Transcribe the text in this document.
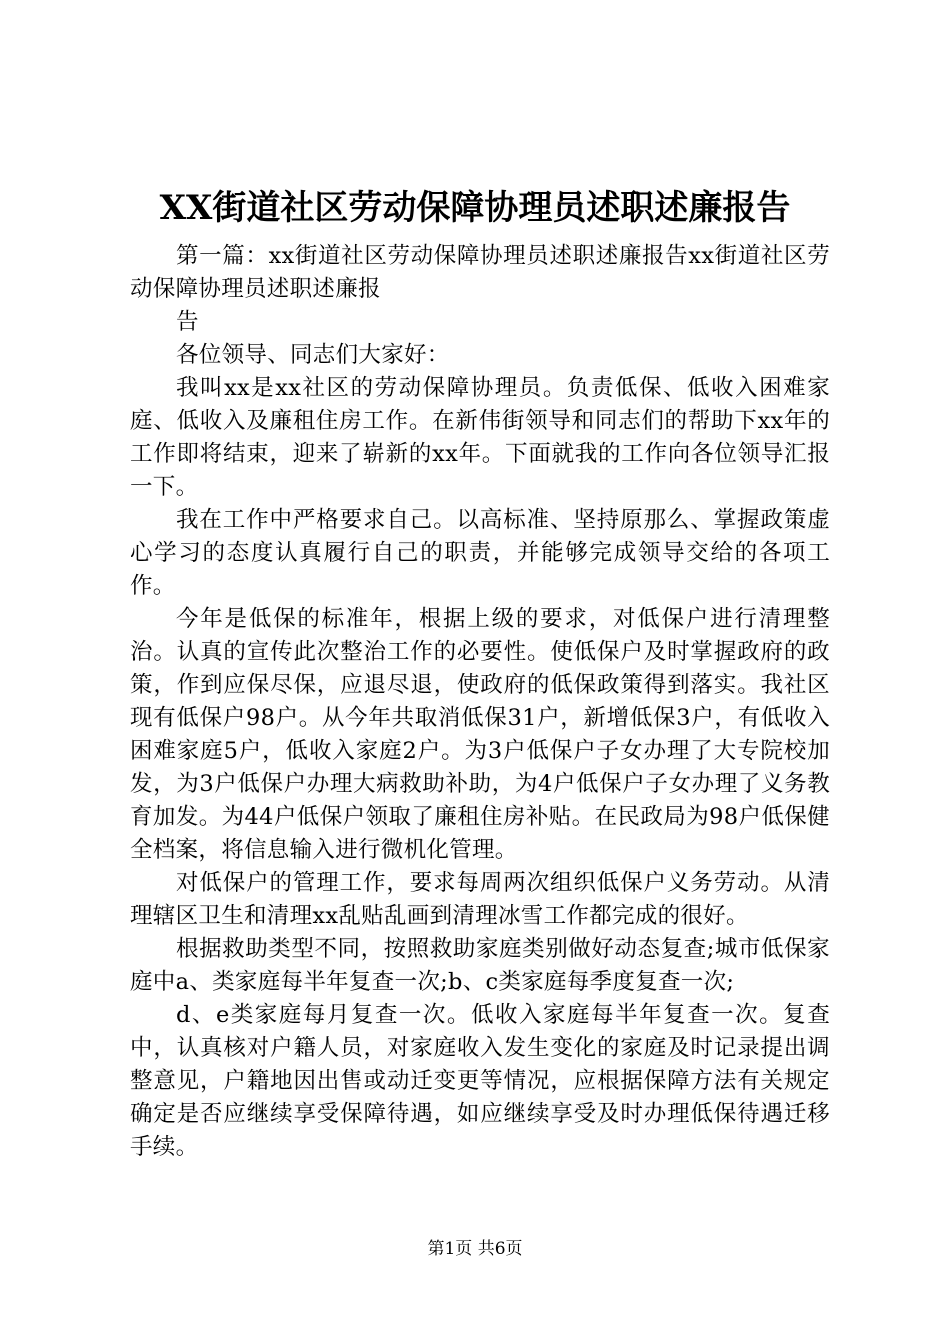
XX街道社区劳动保障协理员述职述廉报告

第一篇：xx街道社区劳动保障协理员述职述廉报告xx街道社区劳动保障协理员述职述廉报

告

各位领导、同志们大家好：

我叫xx是xx社区的劳动保障协理员。负责低保、低收入困难家庭、低收入及廉租住房工作。在新伟街领导和同志们的帮助下xx年的工作即将结束，迎来了崭新的xx年。下面就我的工作向各位领导汇报一下。

我在工作中严格要求自己。以高标准、坚持原那么、掌握政策虚心学习的态度认真履行自己的职责，并能够完成领导交给的各项工作。

今年是低保的标准年，根据上级的要求，对低保户进行清理整治。认真的宣传此次整治工作的必要性。使低保户及时掌握政府的政策，作到应保尽保，应退尽退，使政府的低保政策得到落实。我社区现有低保户98户。从今年共取消低保31户，新增低保3户，有低收入困难家庭5户，低收入家庭2户。为3户低保户子女办理了大专院校加发，为3户低保户办理大病救助补助，为4户低保户子女办理了义务教育加发。为44户低保户领取了廉租住房补贴。在民政局为98户低保健全档案，将信息输入进行微机化管理。

对低保户的管理工作，要求每周两次组织低保户义务劳动。从清理辖区卫生和清理xx乱贴乱画到清理冰雪工作都完成的很好。

根据救助类型不同，按照救助家庭类别做好动态复查;城市低保家庭中a、类家庭每半年复查一次;b、c类家庭每季度复查一次;

d、e类家庭每月复查一次。低收入家庭每半年复查一次。复查中，认真核对户籍人员，对家庭收入发生变化的家庭及时记录提出调整意见，户籍地因出售或动迁变更等情况，应根据保障方法有关规定确定是否应继续享受保障待遇，如应继续享受及时办理低保待遇迁移手续。

第1页 共6页
